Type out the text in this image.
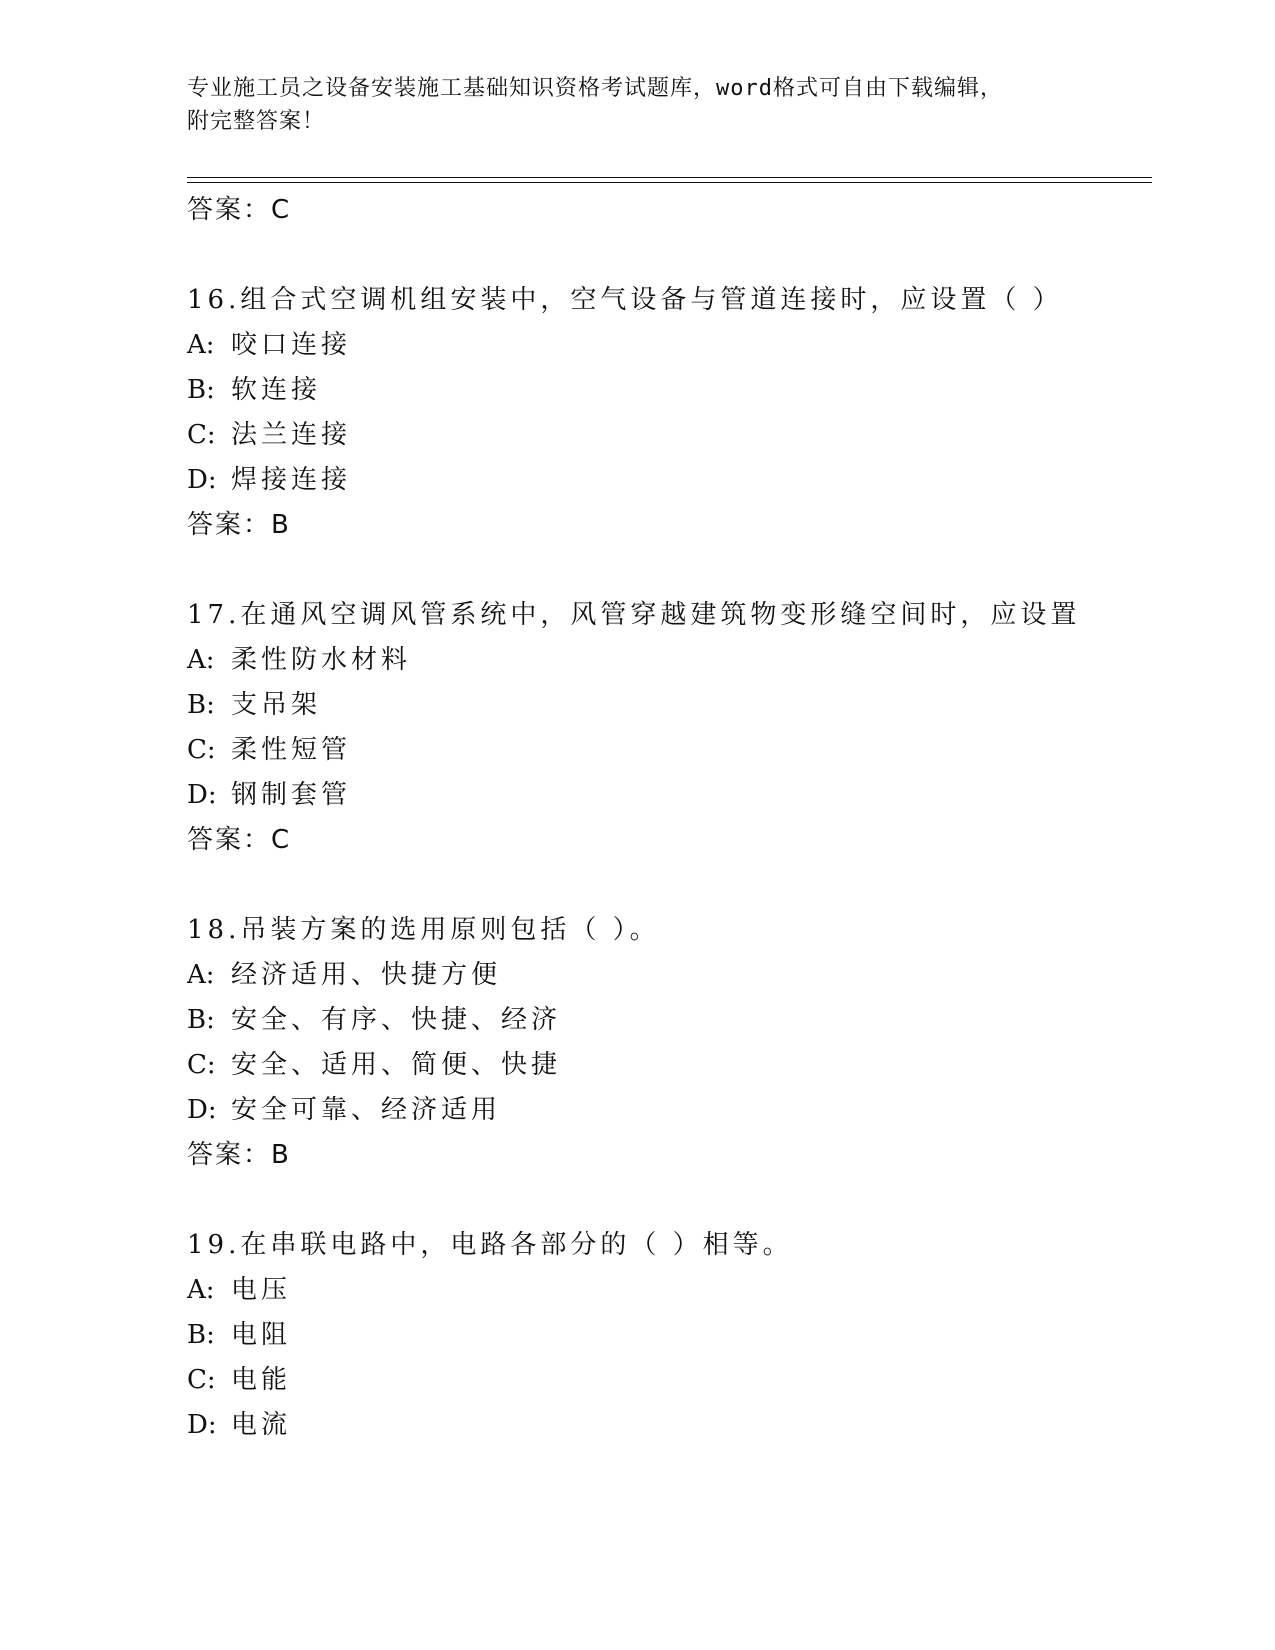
专业施工员之设备安装施工基础知识资格考试题库，word格式可自由下载编辑，
附完整答案！
答案：C
16.组合式空调机组安装中，空气设备与管道连接时，应设置（ ）
A: 咬口连接
B: 软连接
C: 法兰连接
D: 焊接连接
答案：B
17.在通风空调风管系统中，风管穿越建筑物变形缝空间时，应设置
A: 柔性防水材料
B: 支吊架
C: 柔性短管
D: 钢制套管
答案：C
18.吊装方案的选用原则包括（ ）。
A: 经济适用、快捷方便
B: 安全、有序、快捷、经济
C: 安全、适用、简便、快捷
D: 安全可靠、经济适用
答案：B
19.在串联电路中，电路各部分的（ ）相等。
A: 电压
B: 电阻
C: 电能
D: 电流
